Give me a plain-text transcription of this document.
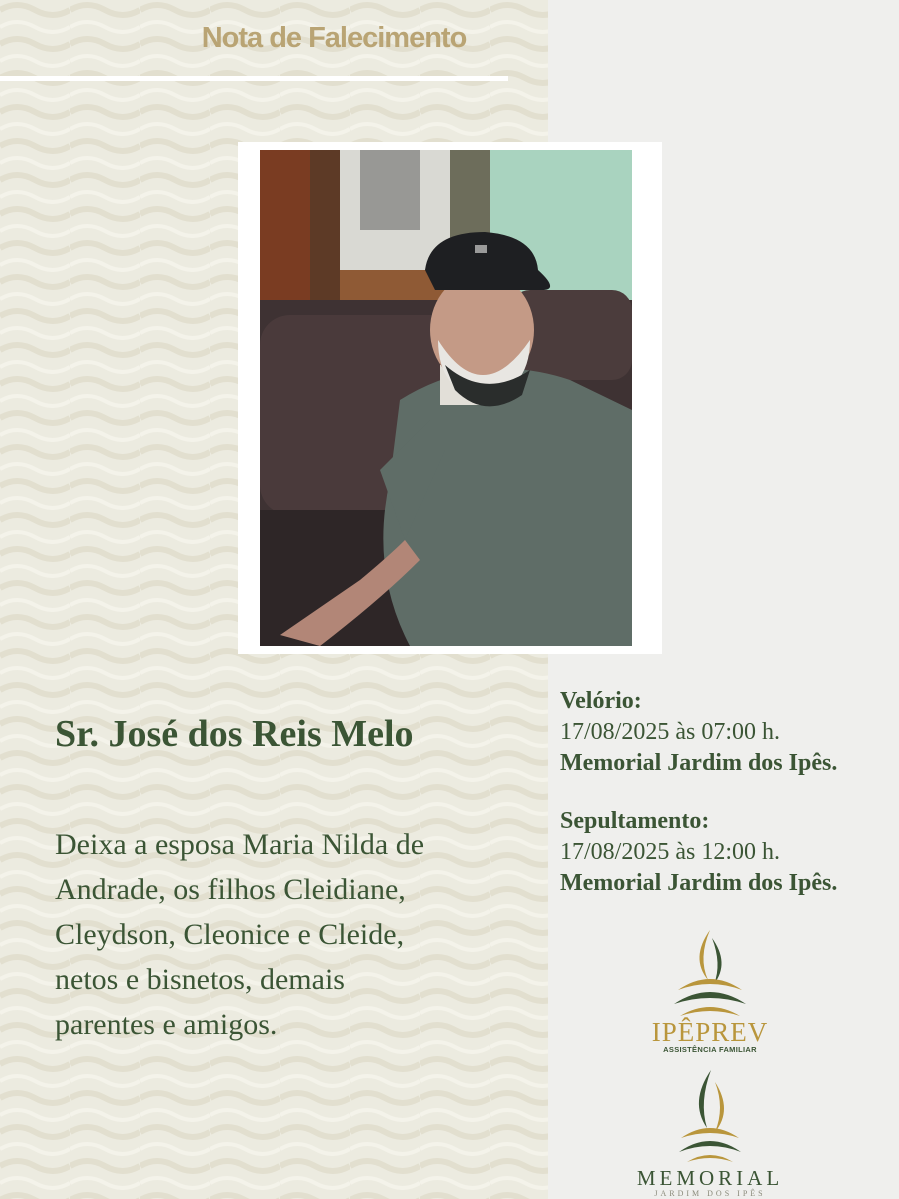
Nota de Falecimento
Sr. José dos Reis Melo
Deixa a esposa Maria Nilda de
Andrade, os filhos Cleidiane,
Cleydson, Cleonice e Cleide,
netos e bisnetos, demais
parentes e amigos.
Velório:
17/08/2025 às 07:00 h.
Memorial Jardim dos Ipês.
Sepultamento:
17/08/2025 às 12:00 h.
Memorial Jardim dos Ipês.
IPÊPREV
ASSISTÊNCIA FAMILIAR
MEMORIAL
JARDIM DOS IPÊS
